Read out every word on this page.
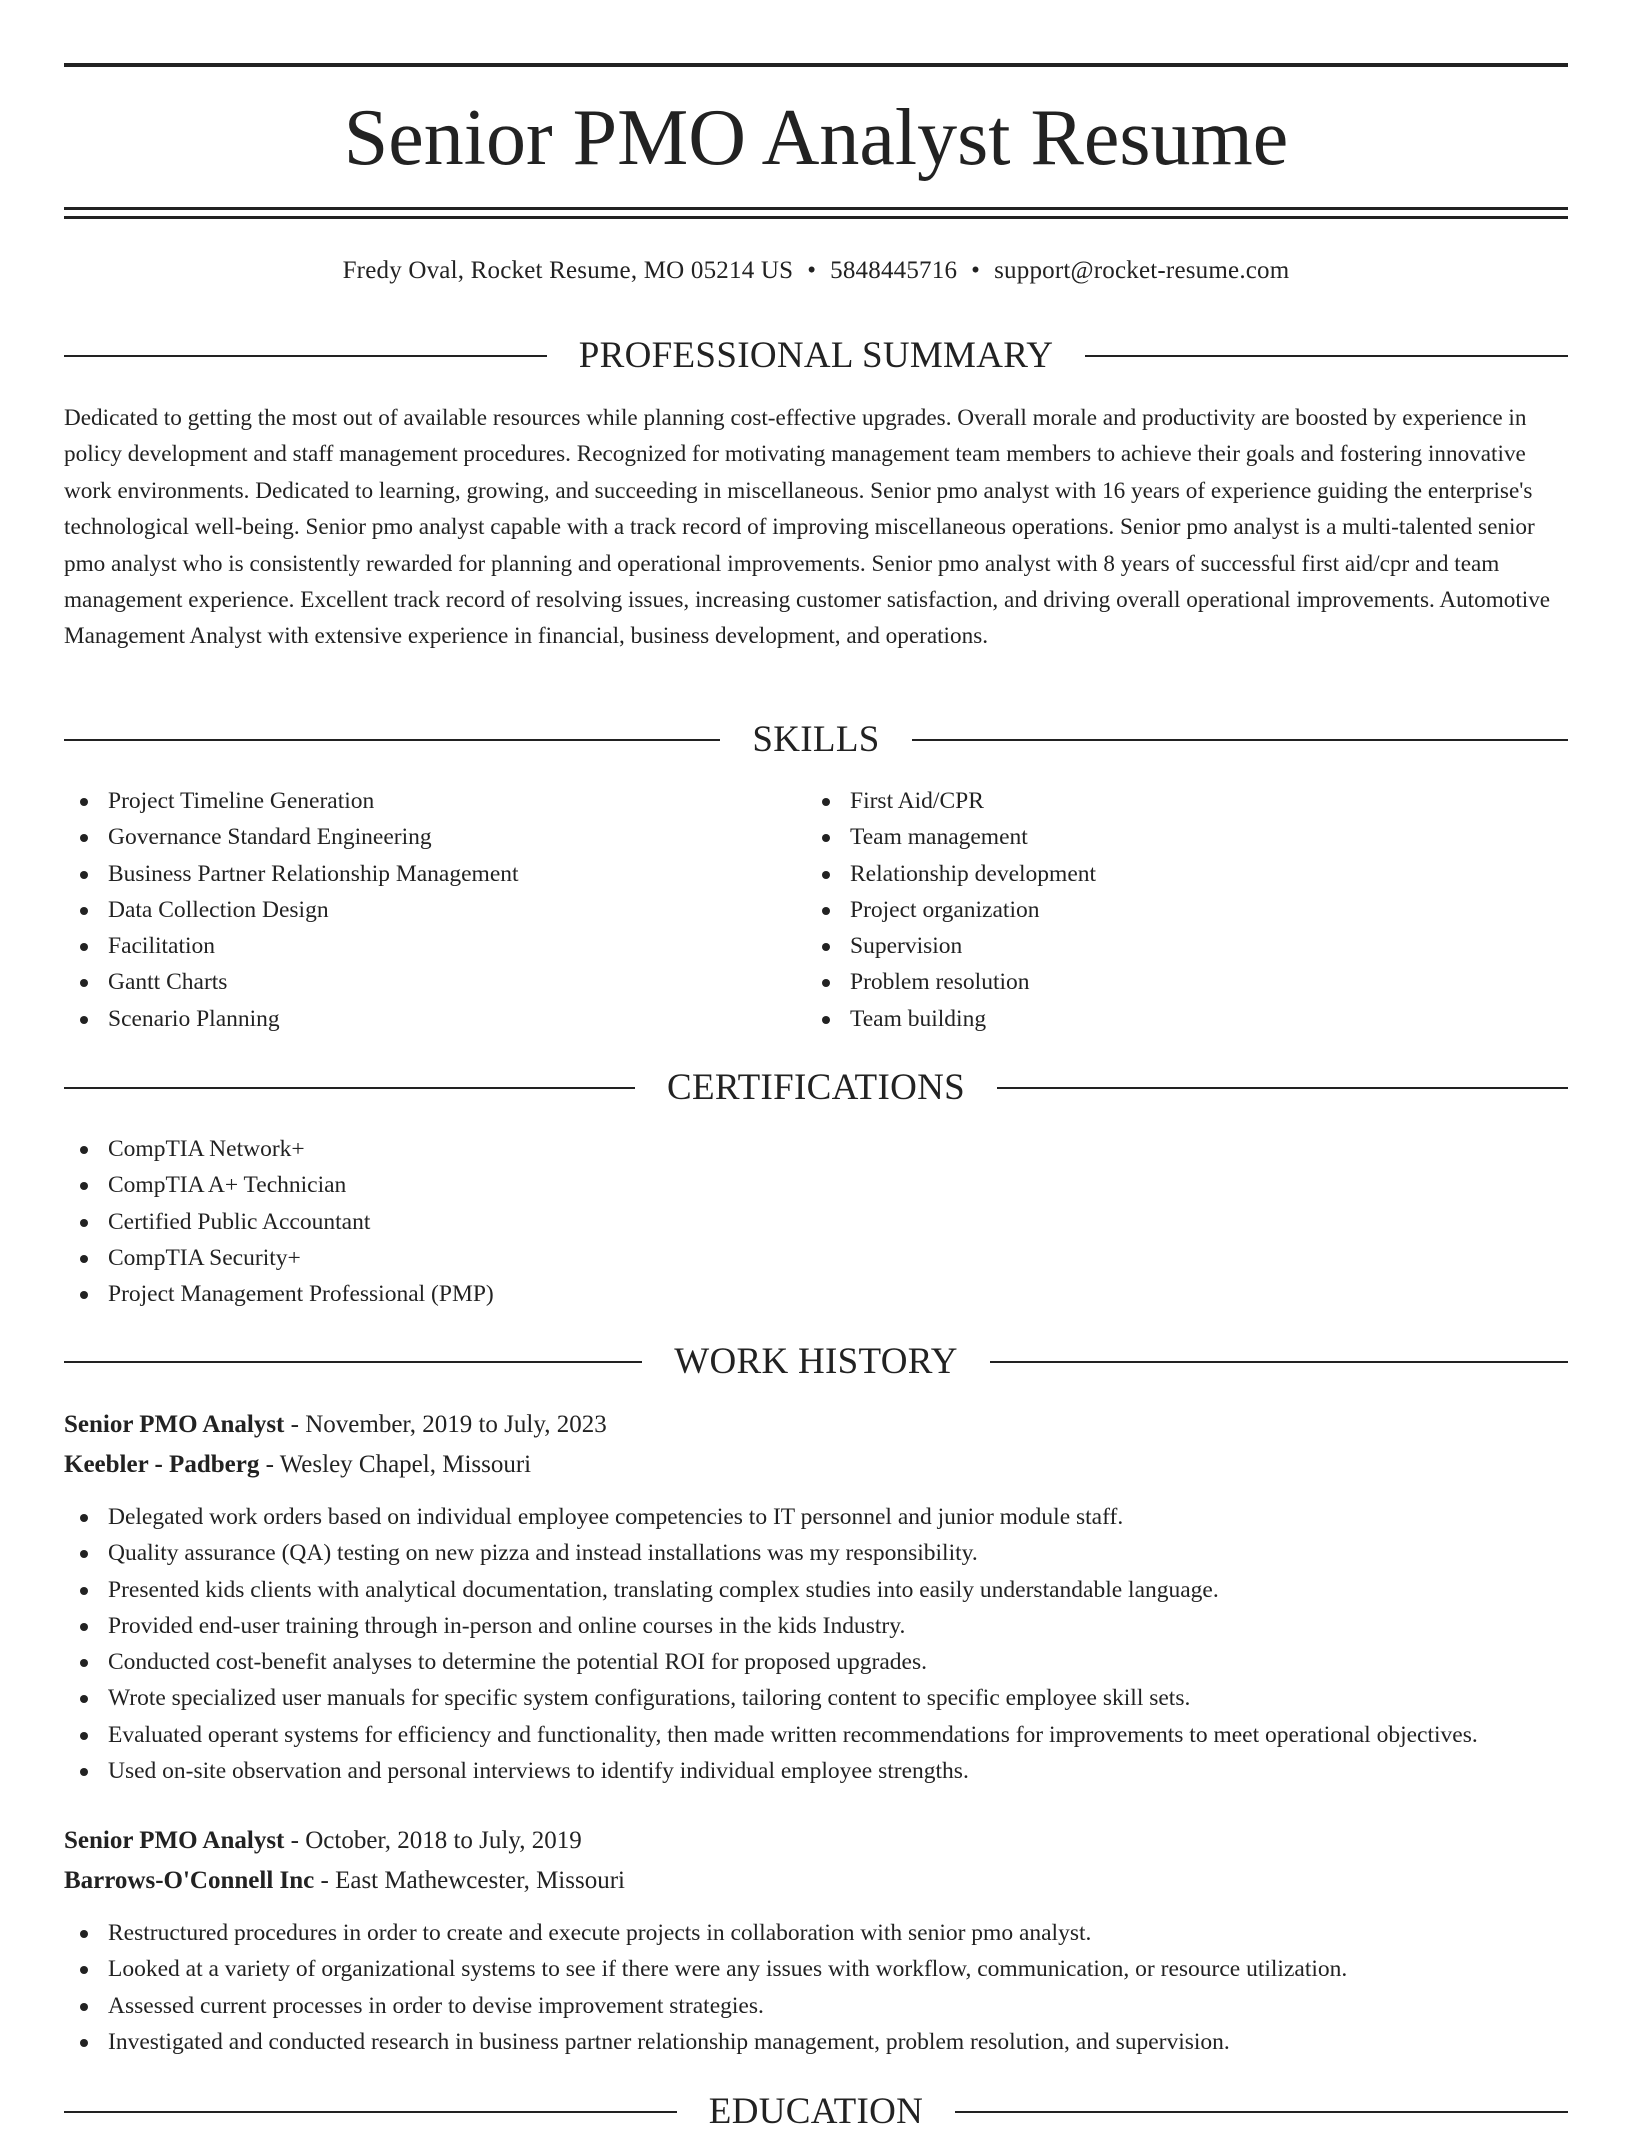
Senior PMO Analyst Resume
Fredy Oval, Rocket Resume, MO 05214 US • 5848445716 • support@rocket-resume.com
PROFESSIONAL SUMMARY

Dedicated to getting the most out of available resources while planning cost-effective upgrades. Overall morale and productivity are boosted by experience in policy development and staff management procedures. Recognized for motivating management team members to achieve their goals and fostering innovative work environments. Dedicated to learning, growing, and succeeding in miscellaneous. Senior pmo analyst with 16 years of experience guiding the enterprise's technological well-being. Senior pmo analyst capable with a track record of improving miscellaneous operations. Senior pmo analyst is a multi-talented senior pmo analyst who is consistently rewarded for planning and operational improvements. Senior pmo analyst with 8 years of successful first aid/cpr and team management experience. Excellent track record of resolving issues, increasing customer satisfaction, and driving overall operational improvements. Automotive Management Analyst with extensive experience in financial, business development, and operations.

SKILLS
Project Timeline Generation
Governance Standard Engineering
Business Partner Relationship Management
Data Collection Design
Facilitation
Gantt Charts
Scenario Planning
First Aid/CPR
Team management
Relationship development
Project organization
Supervision
Problem resolution
Team building
CERTIFICATIONS
CompTIA Network+
CompTIA A+ Technician
Certified Public Accountant
CompTIA Security+
Project Management Professional (PMP)
WORK HISTORY
Senior PMO Analyst - November, 2019 to July, 2023
Keebler - Padberg - Wesley Chapel, Missouri
Delegated work orders based on individual employee competencies to IT personnel and junior module staff.
Quality assurance (QA) testing on new pizza and instead installations was my responsibility.
Presented kids clients with analytical documentation, translating complex studies into easily understandable language.
Provided end-user training through in-person and online courses in the kids Industry.
Conducted cost-benefit analyses to determine the potential ROI for proposed upgrades.
Wrote specialized user manuals for specific system configurations, tailoring content to specific employee skill sets.
Evaluated operant systems for efficiency and functionality, then made written recommendations for improvements to meet operational objectives.
Used on-site observation and personal interviews to identify individual employee strengths.
Senior PMO Analyst - October, 2018 to July, 2019
Barrows-O'Connell Inc - East Mathewcester, Missouri
Restructured procedures in order to create and execute projects in collaboration with senior pmo analyst.
Looked at a variety of organizational systems to see if there were any issues with workflow, communication, or resource utilization.
Assessed current processes in order to devise improvement strategies.
Investigated and conducted research in business partner relationship management, problem resolution, and supervision.
EDUCATION
